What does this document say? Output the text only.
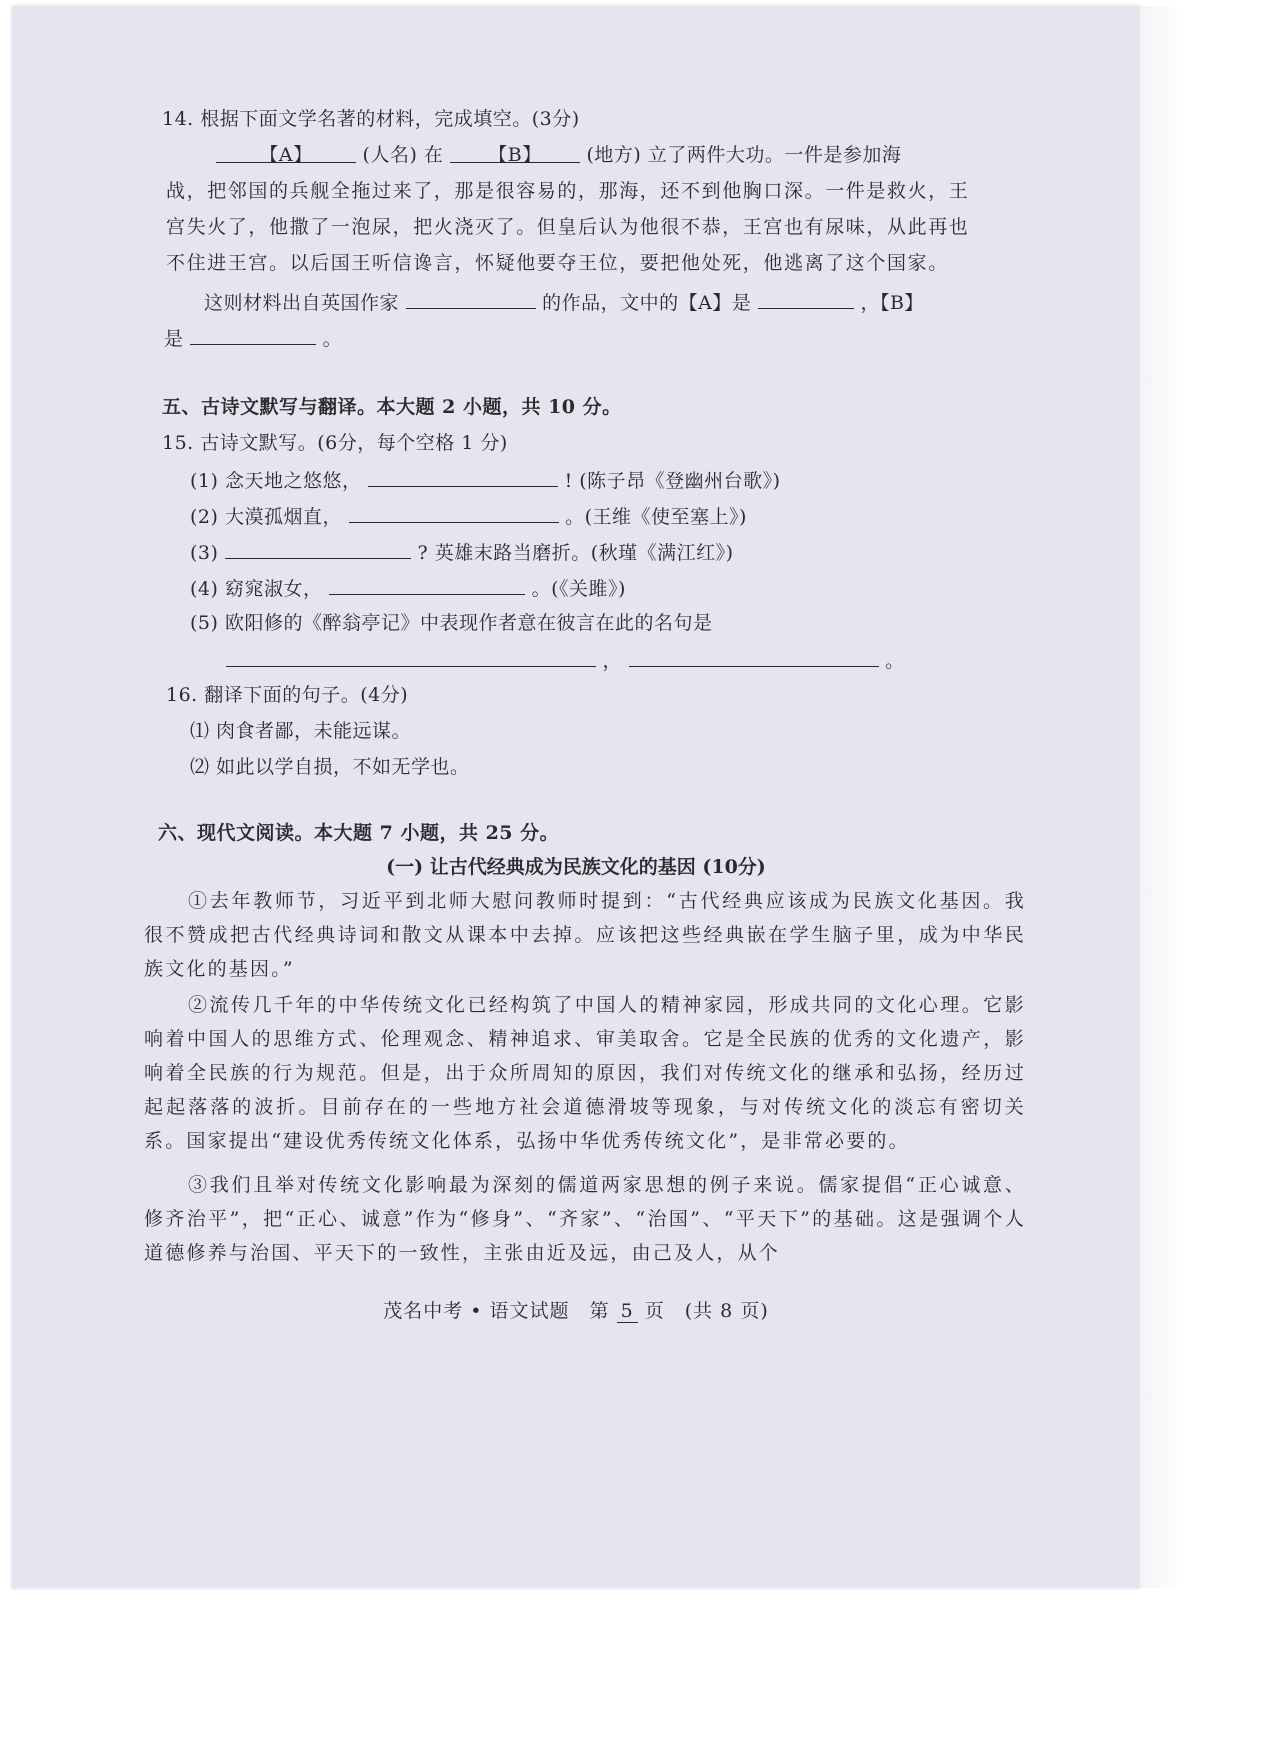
14. 根据下面文学名著的材料，完成填空。(3分)
【A】	(人名) 在 【B】 (地方) 立了两件大功。一件是参加海
战，把邻国的兵舰全拖过来了，那是很容易的，那海，还不到他胸口深。一件是救火，王
宫失火了，他撒了一泡尿，把火浇灭了。但皇后认为他很不恭，王宫也有尿味，从此再也
不住进王宫。以后国王听信谗言，怀疑他要夺王位，要把他处死，他逃离了这个国家。
这则材料出自英国作家	的作品，文中的【A】是	，【B】
是	。
五、古诗文默写与翻译。本大题 2 小题，共 10 分。
15. 古诗文默写。(6分，每个空格 1 分)
(1) 念天地之悠悠，	! (陈子昂《登幽州台歌》)
(2) 大漠孤烟直，	。(王维《使至塞上》)
(3)	? 英雄末路当磨折。(秋瑾《满江红》)
(4) 窈窕淑女，	。(《关雎》)
(5) 欧阳修的《醉翁亭记》中表现作者意在彼言在此的名句是
，	。
16. 翻译下面的句子。(4分)
⑴ 肉食者鄙，未能远谋。
⑵ 如此以学自损，不如无学也。
六、现代文阅读。本大题 7 小题，共 25 分。
(一) 让古代经典成为民族文化的基因 (10分)
①去年教师节，习近平到北师大慰问教师时提到：“古代经典应该成为民族文化基因。我很不赞成把古代经典诗词和散文从课本中去掉。应该把这些经典嵌在学生脑子里，成为中华民族文化的基因。”
②流传几千年的中华传统文化已经构筑了中国人的精神家园，形成共同的文化心理。它影响着中国人的思维方式、伦理观念、精神追求、审美取舍。它是全民族的优秀的文化遗产，影响着全民族的行为规范。但是，出于众所周知的原因，我们对传统文化的继承和弘扬，经历过起起落落的波折。目前存在的一些地方社会道德滑坡等现象，与对传统文化的淡忘有密切关系。国家提出“建设优秀传统文化体系，弘扬中华优秀传统文化”，是非常必要的。
③我们且举对传统文化影响最为深刻的儒道两家思想的例子来说。儒家提倡“正心诚意、修齐治平”，把“正心、诚意”作为“修身”、“齐家”、“治国”、“平天下”的基础。这是强调个人道德修养与治国、平天下的一致性，主张由近及远，由己及人，从个
茂名中考 • 语文试题　第 5 页　(共 8 页)
